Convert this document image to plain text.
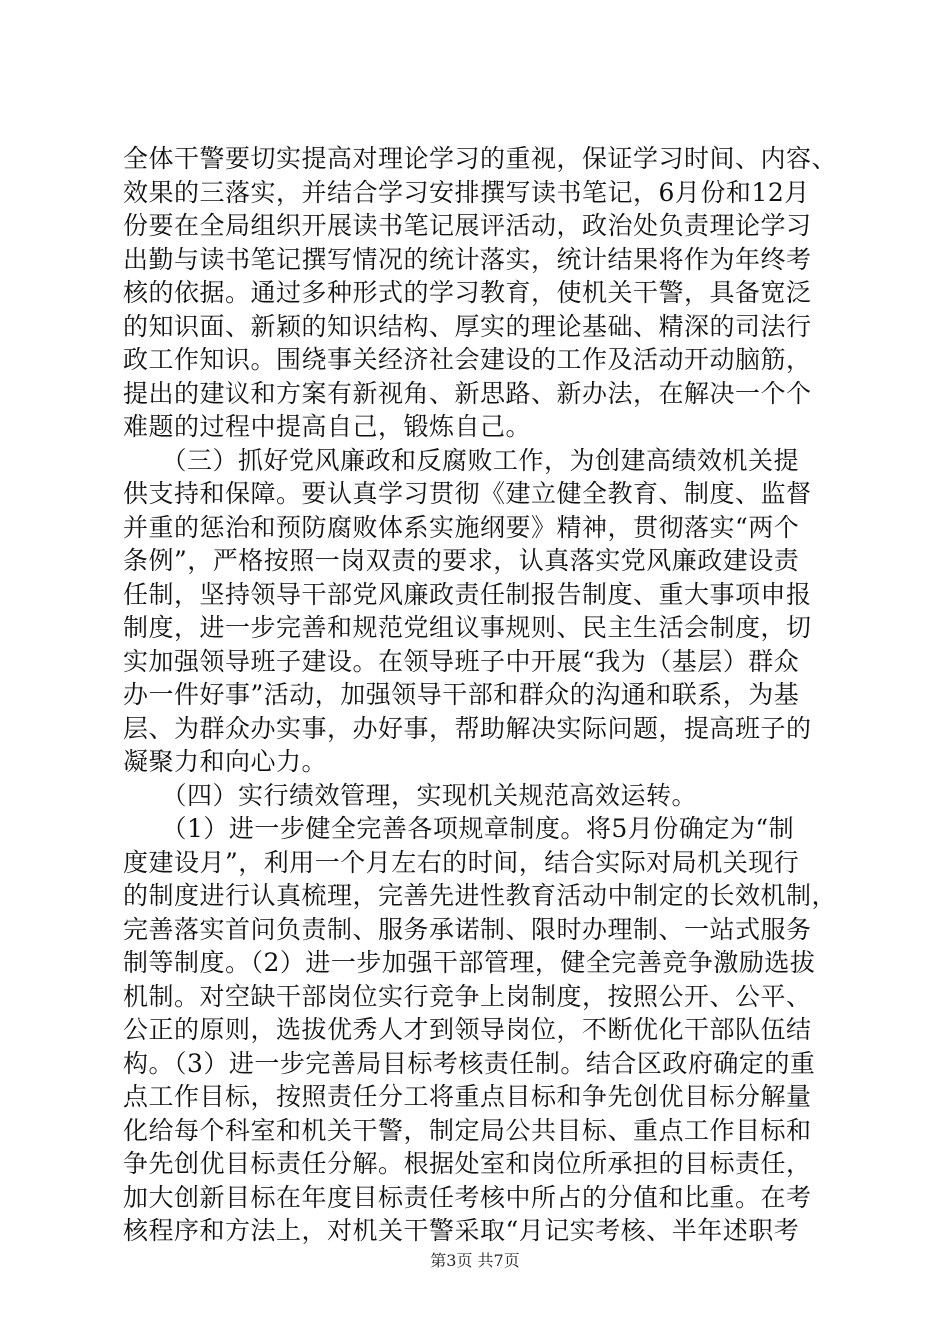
全体干警要切实提高对理论学习的重视，保证学习时间、内容、
效果的三落实，并结合学习安排撰写读书笔记，6月份和12月
份要在全局组织开展读书笔记展评活动，政治处负责理论学习
出勤与读书笔记撰写情况的统计落实，统计结果将作为年终考
核的依据。通过多种形式的学习教育，使机关干警，具备宽泛
的知识面、新颖的知识结构、厚实的理论基础、精深的司法行
政工作知识。围绕事关经济社会建设的工作及活动开动脑筋，
提出的建议和方案有新视角、新思路、新办法，在解决一个个
难题的过程中提高自己，锻炼自己。
　　（三）抓好党风廉政和反腐败工作，为创建高绩效机关提
供支持和保障。要认真学习贯彻《建立健全教育、制度、监督
并重的惩治和预防腐败体系实施纲要》精神，贯彻落实“两个
条例”，严格按照一岗双责的要求，认真落实党风廉政建设责
任制，坚持领导干部党风廉政责任制报告制度、重大事项申报
制度，进一步完善和规范党组议事规则、民主生活会制度，切
实加强领导班子建设。在领导班子中开展“我为（基层）群众
办一件好事”活动，加强领导干部和群众的沟通和联系，为基
层、为群众办实事，办好事，帮助解决实际问题，提高班子的
凝聚力和向心力。
　　（四）实行绩效管理，实现机关规范高效运转。
　　（1）进一步健全完善各项规章制度。将5月份确定为“制
度建设月”，利用一个月左右的时间，结合实际对局机关现行
的制度进行认真梳理，完善先进性教育活动中制定的长效机制，
完善落实首问负责制、服务承诺制、限时办理制、一站式服务
制等制度。（2）进一步加强干部管理，健全完善竞争激励选拔
机制。对空缺干部岗位实行竞争上岗制度，按照公开、公平、
公正的原则，选拔优秀人才到领导岗位，不断优化干部队伍结
构。（3）进一步完善局目标考核责任制。结合区政府确定的重
点工作目标，按照责任分工将重点目标和争先创优目标分解量
化给每个科室和机关干警，制定局公共目标、重点工作目标和
争先创优目标责任分解。根据处室和岗位所承担的目标责任，
加大创新目标在年度目标责任考核中所占的分值和比重。在考
核程序和方法上，对机关干警采取“月记实考核、半年述职考
第3页 共7页
